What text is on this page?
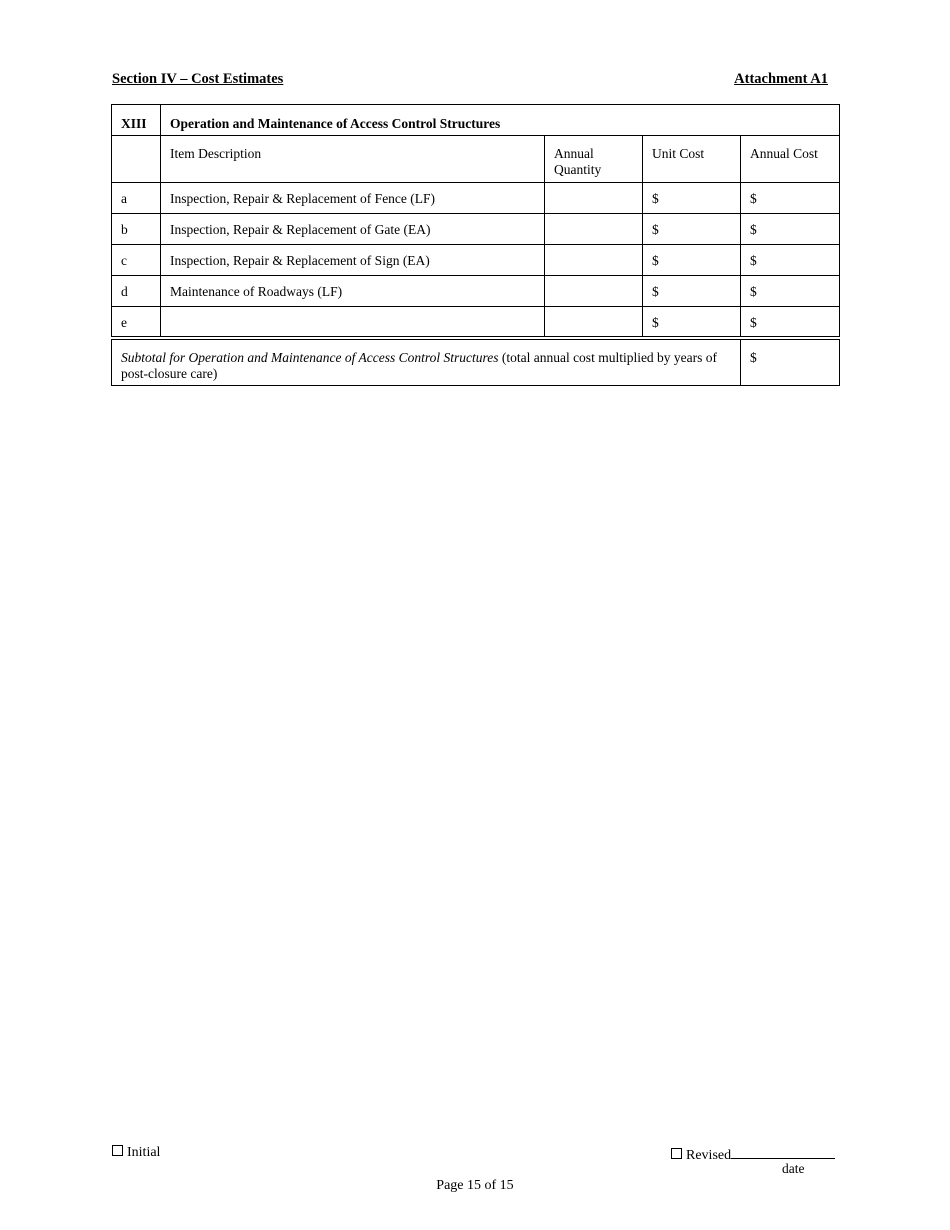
Section IV – Cost Estimates	Attachment A1
XIII	Operation and Maintenance of Access Control Structures			
	Item Description	Annual Quantity	Unit Cost	Annual Cost
a	Inspection, Repair & Replacement of Fence (LF)		$	$
b	Inspection, Repair & Replacement of Gate (EA)		$	$
c	Inspection, Repair & Replacement of Sign (EA)		$	$
d	Maintenance of Roadways (LF)		$	$
e			$	$
Subtotal for Operation and Maintenance of Access Control Structures (total annual cost multiplied by years of post-closure care)				$
Initial	Revised
date
Page 15 of 15
